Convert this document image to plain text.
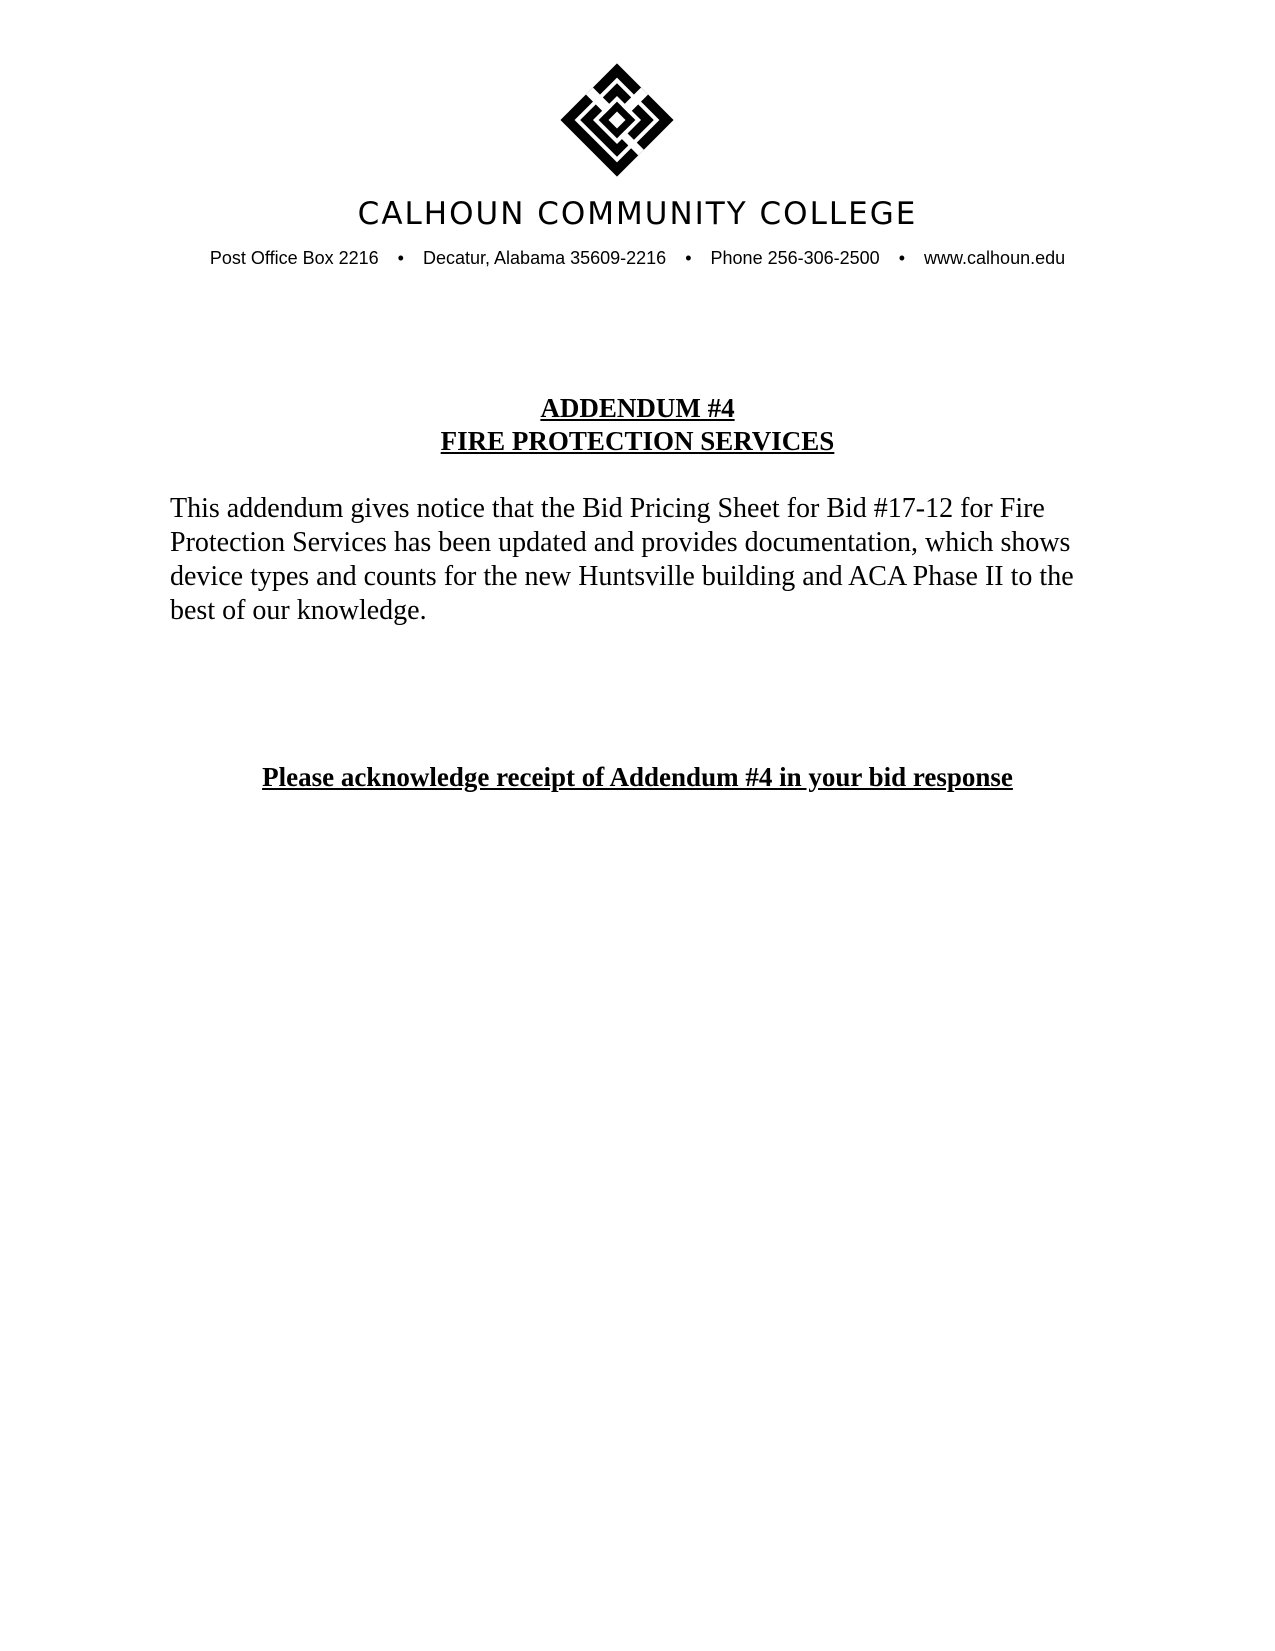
CALHOUN COMMUNITY COLLEGE
Post Office Box 2216 • Decatur, Alabama 35609-2216 • Phone 256-306-2500 • www.calhoun.edu
ADDENDUM #4
FIRE PROTECTION SERVICES
This addendum gives notice that the Bid Pricing Sheet for Bid #17-12 for Fire Protection Services has been updated and provides documentation, which shows device types and counts for the new Huntsville building and ACA Phase II to the best of our knowledge.
Please acknowledge receipt of Addendum #4 in your bid response
